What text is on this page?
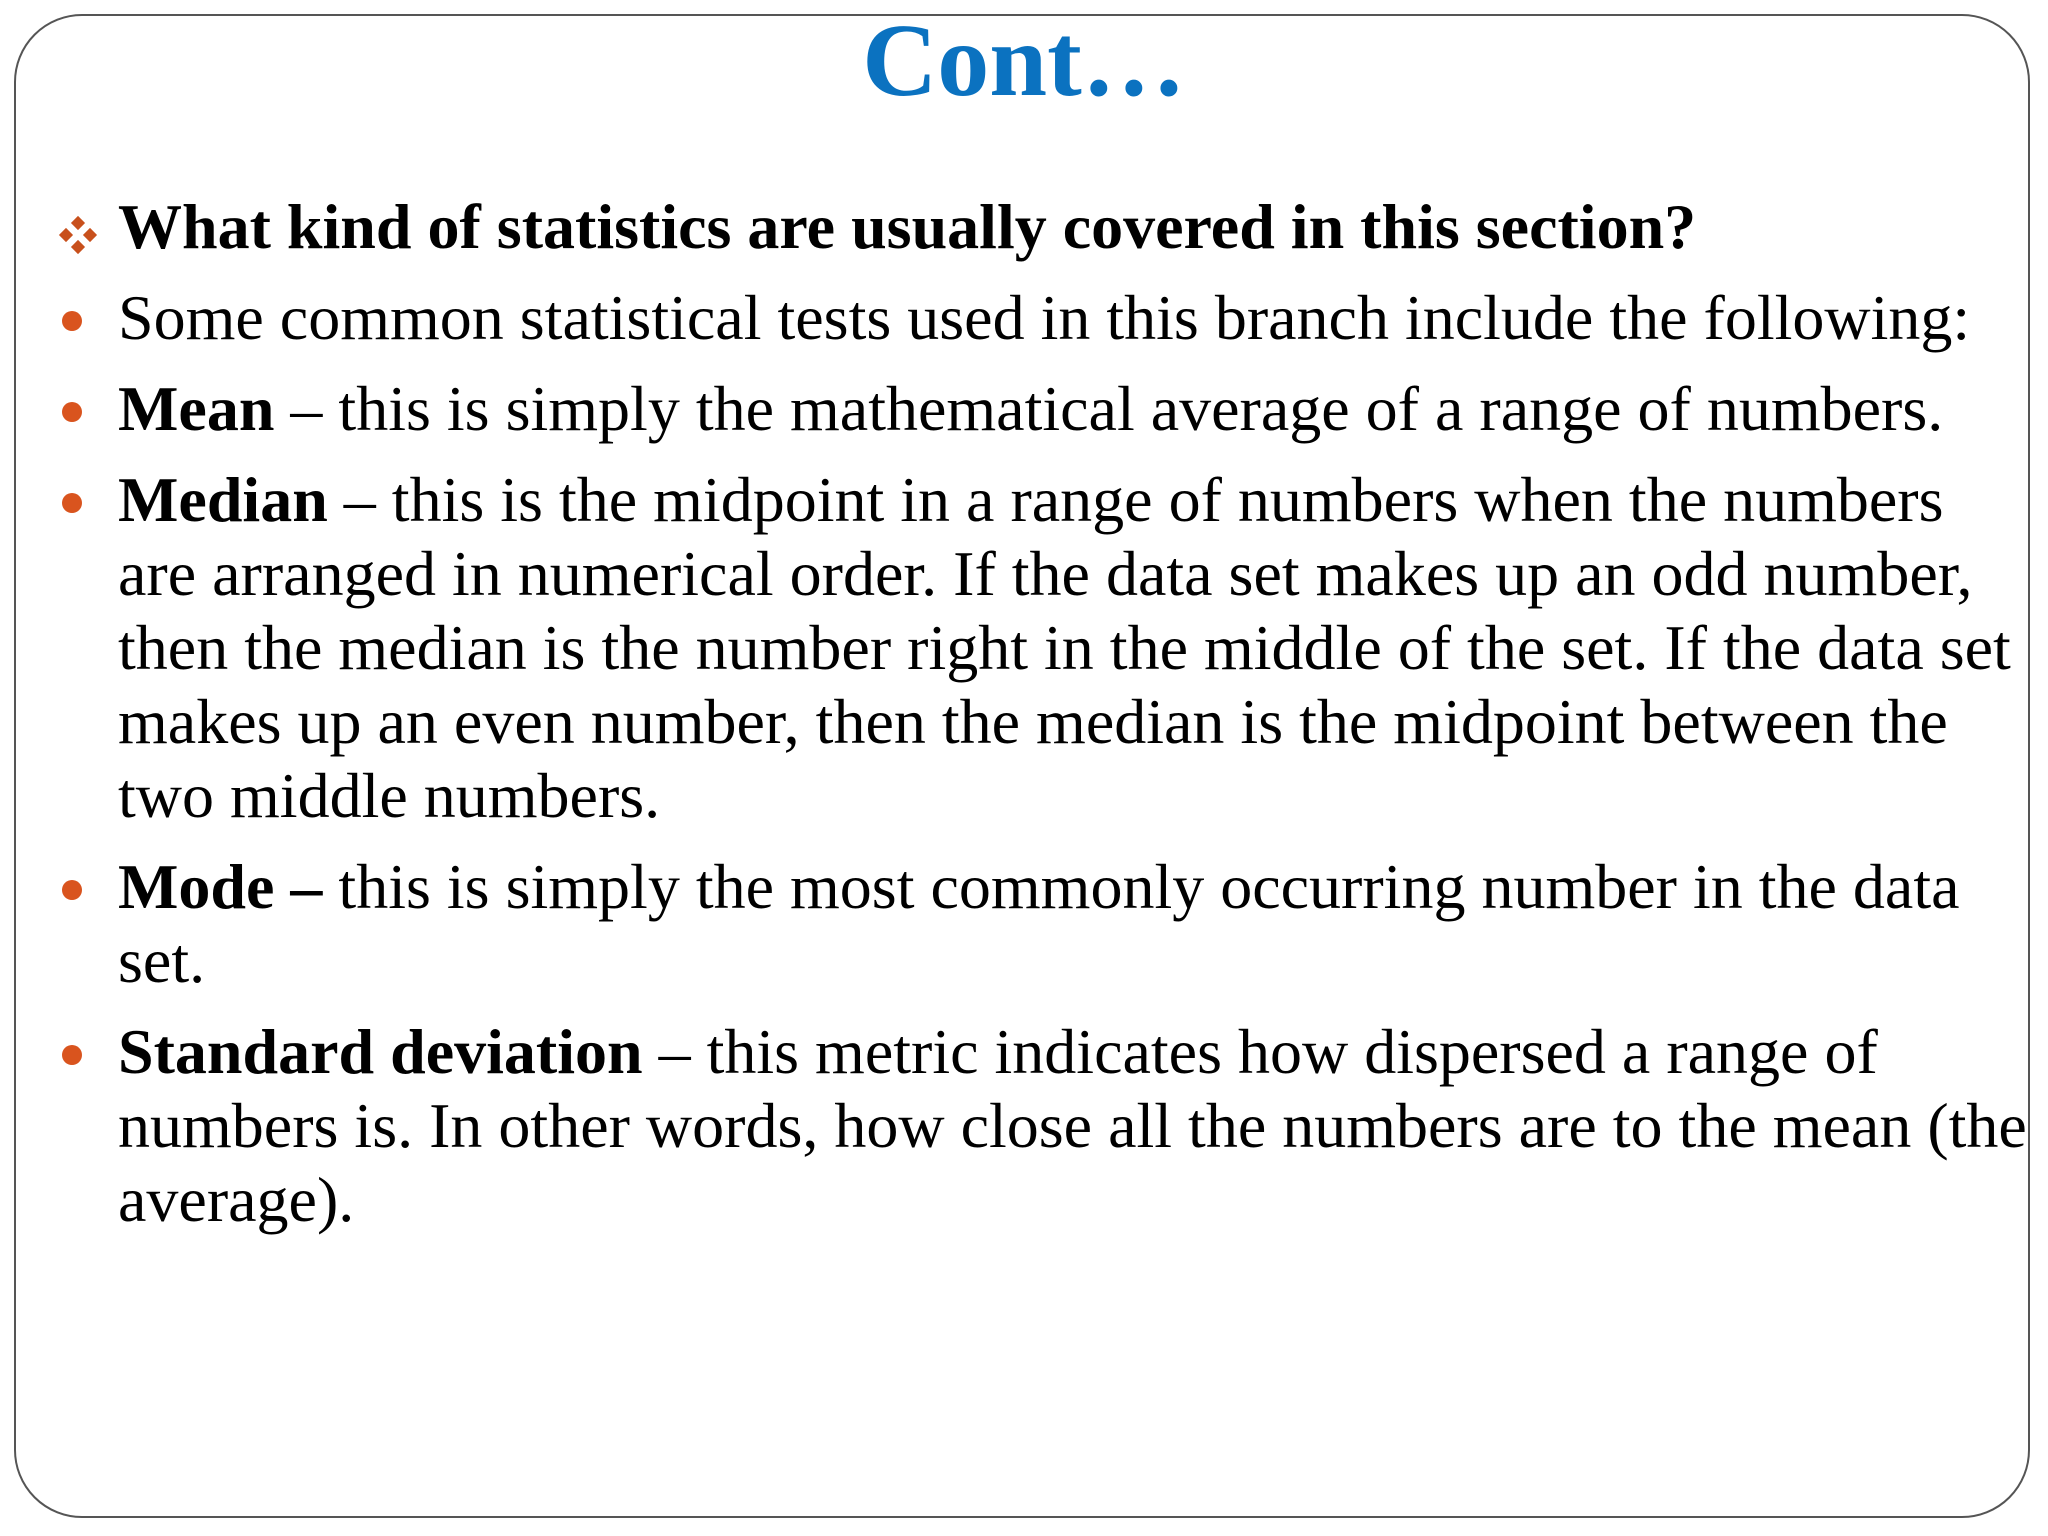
Cont…

What kind of statistics are usually covered in this section?

Some common statistical tests used in this branch include the following:

Mean – this is simply the mathematical average of a range of numbers.

Median – this is the midpoint in a range of numbers when the numbers are arranged in numerical order. If the data set makes up an odd number, then the median is the number right in the middle of the set. If the data set makes up an even number, then the median is the midpoint between the two middle numbers.

Mode – this is simply the most commonly occurring number in the data set.

Standard deviation – this metric indicates how dispersed a range of numbers is. In other words, how close all the numbers are to the mean (the average).
